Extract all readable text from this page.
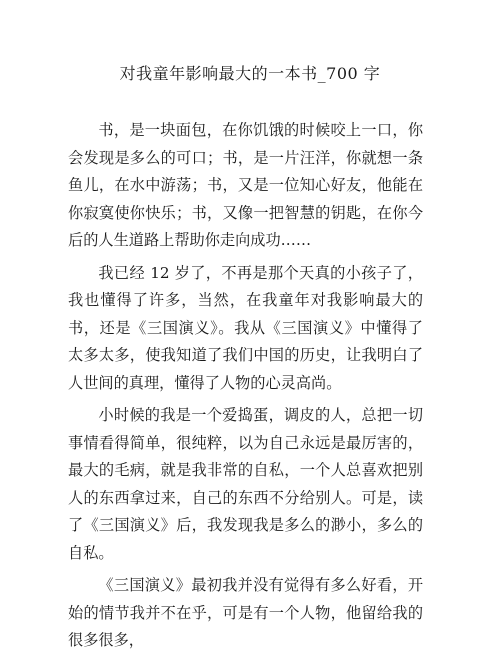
对我童年影响最大的一本书_700 字

书，是一块面包，在你饥饿的时候咬上一口，你会发现是多么的可口；书，是一片汪洋，你就想一条鱼儿，在水中游荡；书，又是一位知心好友，他能在你寂寞使你快乐；书，又像一把智慧的钥匙，在你今后的人生道路上帮助你走向成功……

我已经 12 岁了，不再是那个天真的小孩子了，我也懂得了许多，当然，在我童年对我影响最大的书，还是《三国演义》。我从《三国演义》中懂得了太多太多，使我知道了我们中国的历史，让我明白了人世间的真理，懂得了人物的心灵高尚。

小时候的我是一个爱捣蛋，调皮的人，总把一切事情看得简单，很纯粹，以为自己永远是最厉害的，最大的毛病，就是我非常的自私，一个人总喜欢把别人的东西拿过来，自己的东西不分给别人。可是，读了《三国演义》后，我发现我是多么的渺小，多么的自私。

《三国演义》最初我并没有觉得有多么好看，开始的情节我并不在乎，可是有一个人物，他留给我的很多很多，
